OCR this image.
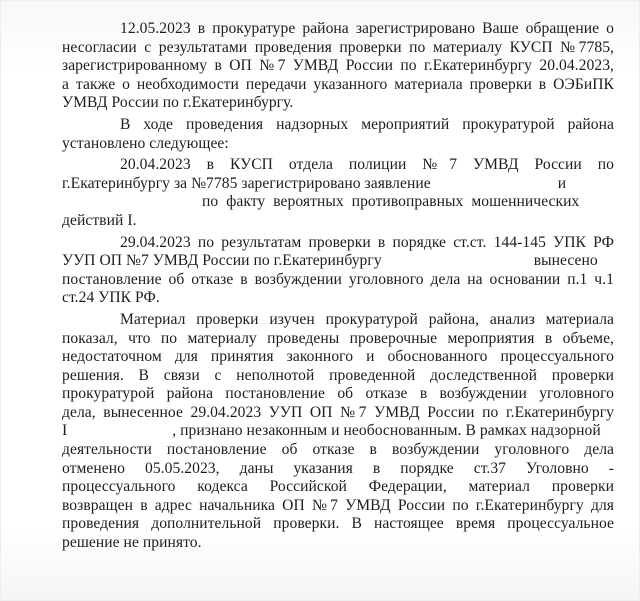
12.05.2023 в прокуратуре района зарегистрировано Ваше обращение о
несогласии с результатами проведения проверки по материалу КУСП №7785,
зарегистрированному в ОП №7 УМВД России по г.Екатеринбургу 20.04.2023,
а также о необходимости передачи указанного материала проверки в ОЭБиПК
УМВД России по г.Екатеринбургу.
В ходе проведения надзорных мероприятий прокуратурой района
установлено следующее:
20.04.2023 в КУСП отдела полиции №7 УМВД России по
г.Екатеринбургу за №7785 зарегистрировано заявление	и
по факту вероятных противоправных мошеннических
действий I.
29.04.2023 по результатам проверки в порядке ст.ст. 144-145 УПК РФ
УУП ОП №7 УМВД России по г.Екатеринбургу	вынесено
постановление об отказе в возбуждении уголовного дела на основании п.1 ч.1
ст.24 УПК РФ.
Материал проверки изучен прокуратурой района, анализ материала
показал, что по материалу проведены проверочные мероприятия в объеме,
недостаточном для принятия законного и обоснованного процессуального
решения. В связи с неполнотой проведенной доследственной проверки
прокуратурой района постановление об отказе в возбуждении уголовного
дела, вынесенное 29.04.2023 УУП ОП №7 УМВД России по г.Екатеринбургу
I	, признано незаконным и необоснованным. В рамках надзорной
деятельности постановление об отказе в возбуждении уголовного дела
отменено 05.05.2023, даны указания в порядке ст.37 Уголовно -
процессуального кодекса Российской Федерации, материал проверки
возвращен в адрес начальника ОП №7 УМВД России по г.Екатеринбургу для
проведения дополнительной проверки. В настоящее время процессуальное
решение не принято.
